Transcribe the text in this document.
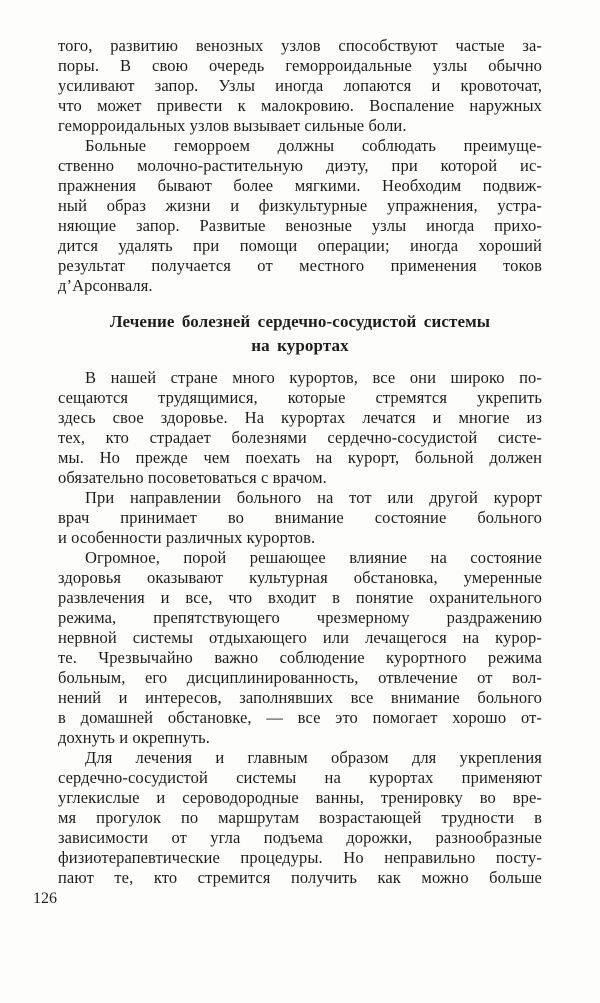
того, развитию венозных узлов способствуют частые за-
поры. В свою очередь геморроидальные узлы обычно
усиливают запор. Узлы иногда лопаются и кровоточат,
что может привести к малокровию. Воспаление наружных
геморроидальных узлов вызывает сильные боли.
Больные геморроем должны соблюдать преимуще-
ственно молочно-растительную диэту, при которой ис-
пражнения бывают более мягкими. Необходим подвиж-
ный образ жизни и физкультурные упражнения, устра-
няющие запор. Развитые венозные узлы иногда прихо-
дится удалять при помощи операции; иногда хороший
результат получается от местного применения токов
д’Арсонваля.
Лечение болезней сердечно-сосудистой системы
на курортах
В нашей стране много курортов, все они широко по-
сещаются трудящимися, которые стремятся укрепить
здесь свое здоровье. На курортах лечатся и многие из
тех, кто страдает болезнями сердечно-сосудистой систе-
мы. Но прежде чем поехать на курорт, больной должен
обязательно посоветоваться с врачом.
При направлении больного на тот или другой курорт
врач принимает во внимание состояние больного
и особенности различных курортов.
Огромное, порой решающее влияние на состояние
здоровья оказывают культурная обстановка, умеренные
развлечения и все, что входит в понятие охранительного
режима, препятствующего чрезмерному раздражению
нервной системы отдыхающего или лечащегося на курор-
те. Чрезвычайно важно соблюдение курортного режима
больным, его дисциплинированность, отвлечение от вол-
нений и интересов, заполнявших все внимание больного
в домашней обстановке, — все это помогает хорошо от-
дохнуть и окрепнуть.
Для лечения и главным образом для укрепления
сердечно-сосудистой системы на курортах применяют
углекислые и сероводородные ванны, тренировку во вре-
мя прогулок по маршрутам возрастающей трудности в
зависимости от угла подъема дорожки, разнообразные
физиотерапевтические процедуры. Но неправильно посту-
пают те, кто стремится получить как можно больше
126
